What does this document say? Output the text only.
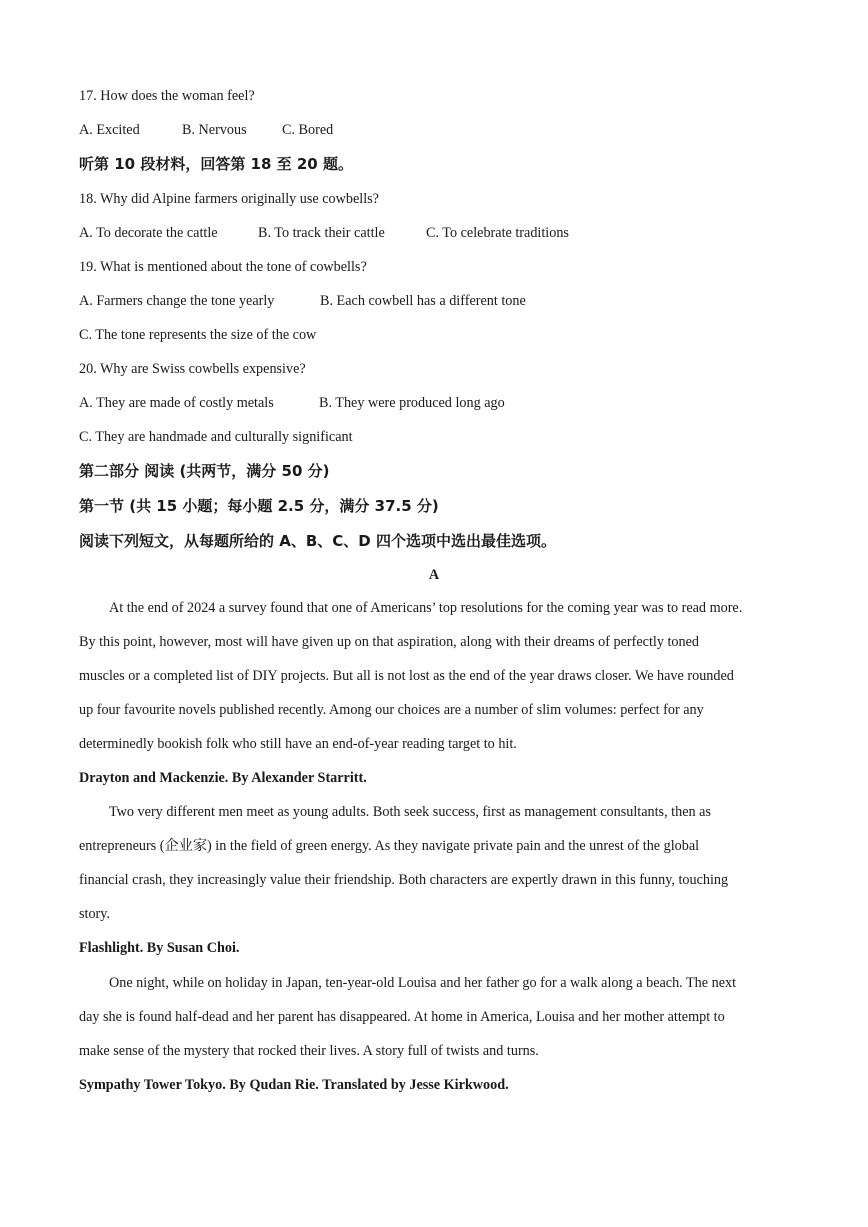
17. How does the woman feel?

A. Excited	B. Nervous C. Bored

听第 10 段材料，回答第 18 至 20 题。

18. Why did Alpine farmers originally use cowbells?

A. To decorate the cattle	B. To track their cattle	C. To celebrate traditions

19. What is mentioned about the tone of cowbells?

A. Farmers change the tone yearly	B. Each cowbell has a different tone

C. The tone represents the size of the cow

20. Why are Swiss cowbells expensive?

A. They are made of costly metals	B. They were produced long ago

C. They are handmade and culturally significant

第二部分 阅读 (共两节，满分 50 分)

第一节 (共 15 小题；每小题 2.5 分，满分 37.5 分)

阅读下列短文，从每题所给的 A、B、C、D 四个选项中选出最佳选项。

A

At the end of 2024 a survey found that one of Americans’ top resolutions for the coming year was to read more.

By this point, however, most will have given up on that aspiration, along with their dreams of perfectly toned

muscles or a completed list of DIY projects. But all is not lost as the end of the year draws closer. We have rounded

up four favourite novels published recently. Among our choices are a number of slim volumes: perfect for any

determinedly bookish folk who still have an end-of-year reading target to hit.

Drayton and Mackenzie. By Alexander Starritt.

Two very different men meet as young adults. Both seek success, first as management consultants, then as

entrepreneurs (企业家) in the field of green energy. As they navigate private pain and the unrest of the global

financial crash, they increasingly value their friendship. Both characters are expertly drawn in this funny, touching

story.

Flashlight. By Susan Choi.

One night, while on holiday in Japan, ten-year-old Louisa and her father go for a walk along a beach. The next

day she is found half-dead and her parent has disappeared. At home in America, Louisa and her mother attempt to

make sense of the mystery that rocked their lives. A story full of twists and turns.

Sympathy Tower Tokyo. By Qudan Rie. Translated by Jesse Kirkwood.
